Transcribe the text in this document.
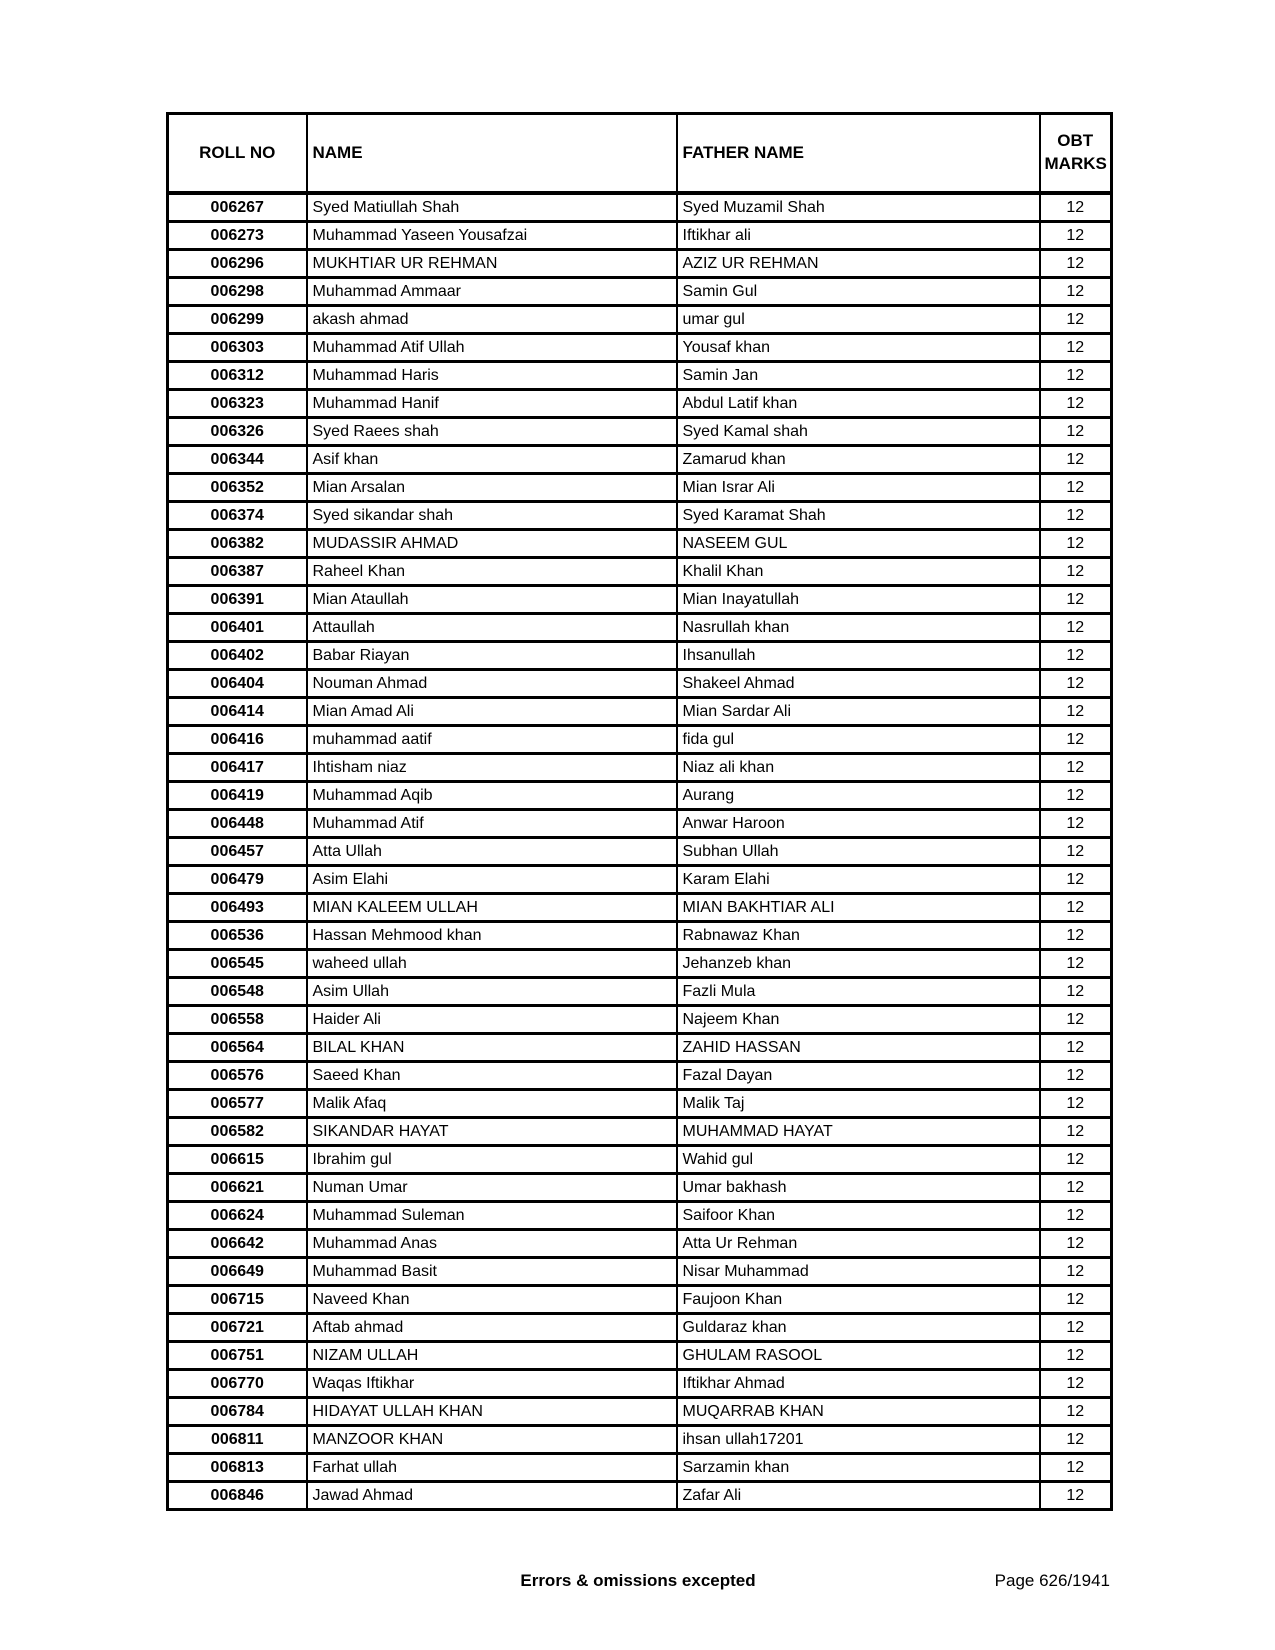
ROLL NO	NAME	FATHER NAME	OBT MARKS
006267	Syed Matiullah Shah	Syed Muzamil Shah	12
006273	Muhammad Yaseen Yousafzai	Iftikhar ali	12
006296	MUKHTIAR UR REHMAN	AZIZ UR REHMAN	12
006298	Muhammad Ammaar	Samin Gul	12
006299	akash ahmad	umar gul	12
006303	Muhammad Atif Ullah	Yousaf khan	12
006312	Muhammad Haris	Samin Jan	12
006323	Muhammad Hanif	Abdul Latif khan	12
006326	Syed Raees shah	Syed Kamal shah	12
006344	Asif khan	Zamarud khan	12
006352	Mian Arsalan	Mian Israr Ali	12
006374	Syed sikandar shah	Syed Karamat Shah	12
006382	MUDASSIR AHMAD	NASEEM GUL	12
006387	Raheel Khan	Khalil Khan	12
006391	Mian Ataullah	Mian Inayatullah	12
006401	Attaullah	Nasrullah khan	12
006402	Babar Riayan	Ihsanullah	12
006404	Nouman Ahmad	Shakeel Ahmad	12
006414	Mian Amad Ali	Mian Sardar Ali	12
006416	muhammad aatif	fida gul	12
006417	Ihtisham niaz	Niaz ali khan	12
006419	Muhammad Aqib	Aurang	12
006448	Muhammad Atif	Anwar Haroon	12
006457	Atta Ullah	Subhan Ullah	12
006479	Asim Elahi	Karam Elahi	12
006493	MIAN KALEEM ULLAH	MIAN BAKHTIAR ALI	12
006536	Hassan Mehmood khan	Rabnawaz Khan	12
006545	waheed ullah	Jehanzeb khan	12
006548	Asim Ullah	Fazli Mula	12
006558	Haider Ali	Najeem Khan	12
006564	BILAL KHAN	ZAHID HASSAN	12
006576	Saeed Khan	Fazal Dayan	12
006577	Malik Afaq	Malik Taj	12
006582	SIKANDAR HAYAT	MUHAMMAD HAYAT	12
006615	Ibrahim gul	Wahid gul	12
006621	Numan Umar	Umar bakhash	12
006624	Muhammad Suleman	Saifoor Khan	12
006642	Muhammad Anas	Atta Ur Rehman	12
006649	Muhammad Basit	Nisar Muhammad	12
006715	Naveed Khan	Faujoon Khan	12
006721	Aftab ahmad	Guldaraz khan	12
006751	NIZAM ULLAH	GHULAM RASOOL	12
006770	Waqas Iftikhar	Iftikhar Ahmad	12
006784	HIDAYAT ULLAH KHAN	MUQARRAB KHAN	12
006811	MANZOOR KHAN	ihsan ullah17201	12
006813	Farhat ullah	Sarzamin khan	12
006846	Jawad Ahmad	Zafar Ali	12
Errors & omissions excepted	Page 626/1941
